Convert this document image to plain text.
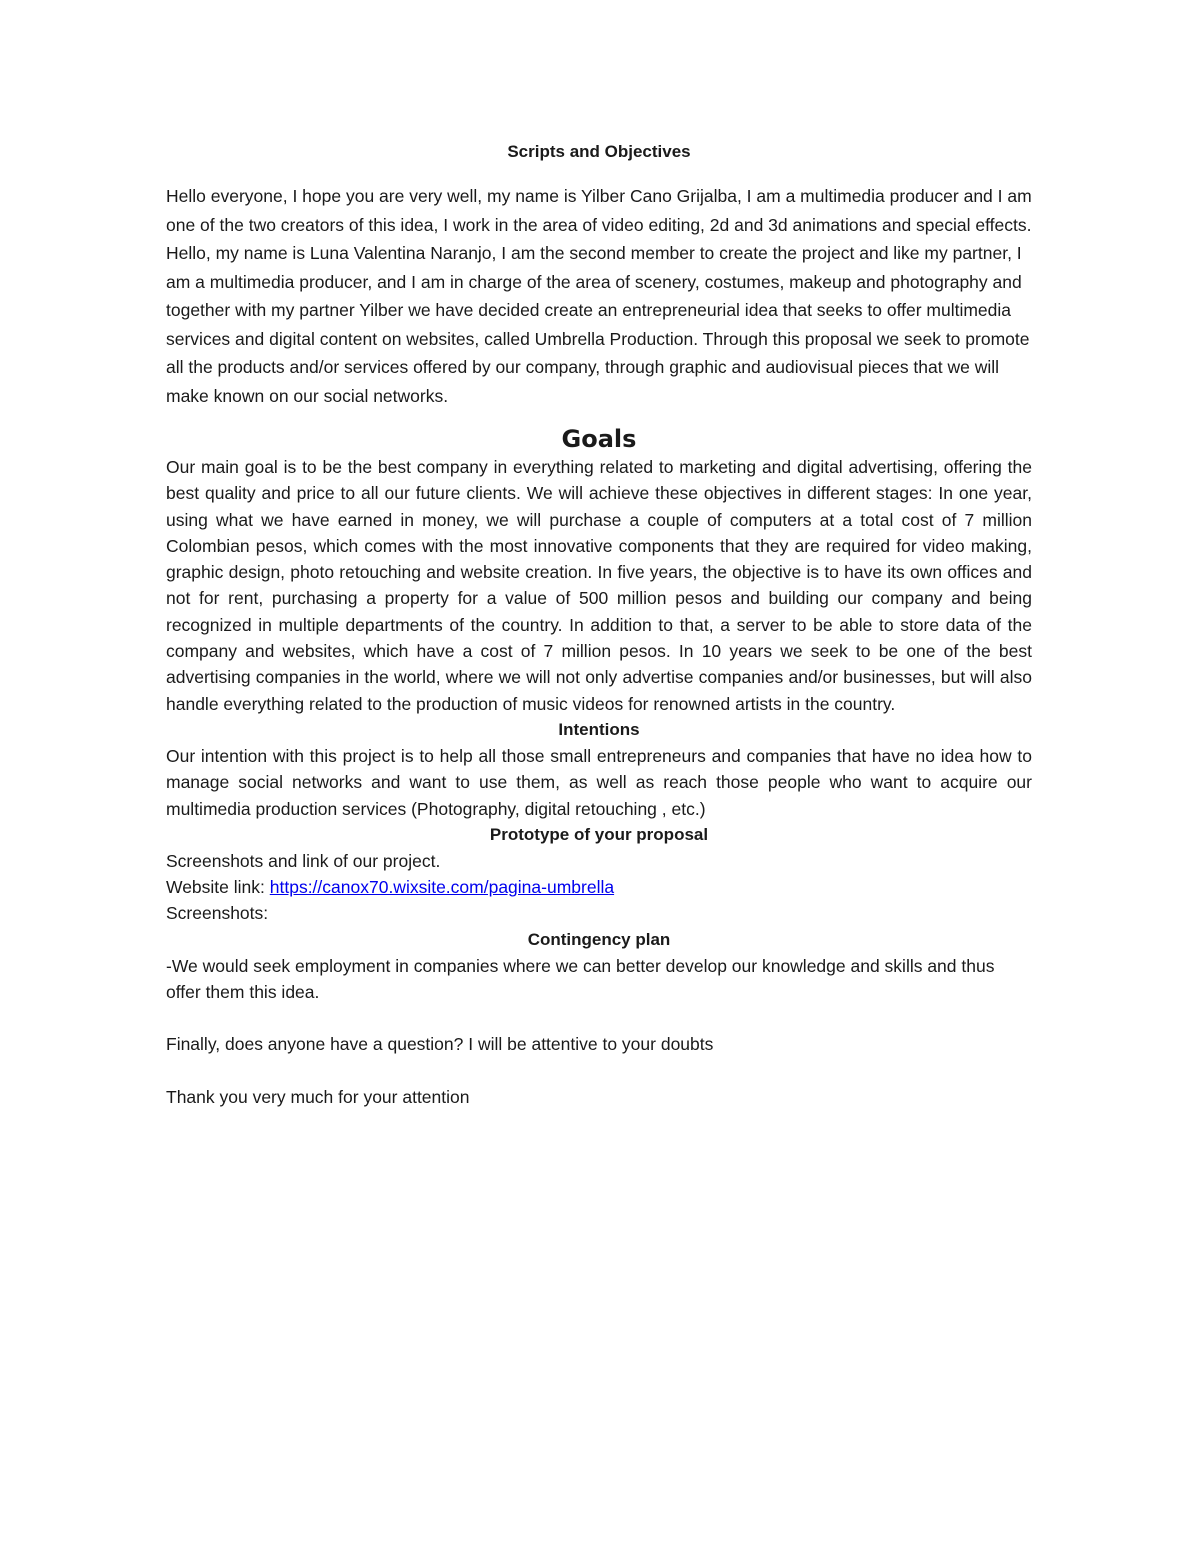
Scripts and Objectives

Hello everyone, I hope you are very well, my name is Yilber Cano Grijalba, I am a multimedia producer and I am one of the two creators of this idea, I work in the area of video editing, 2d and 3d animations and special effects. Hello, my name is Luna Valentina Naranjo, I am the second member to create the project and like my partner, I am a multimedia producer, and I am in charge of the area of scenery, costumes, makeup and photography and together with my partner Yilber we have decided create an entrepreneurial idea that seeks to offer multimedia services and digital content on websites, called Umbrella Production. Through this proposal we seek to promote all the products and/or services offered by our company, through graphic and audiovisual pieces that we will make known on our social networks.

Goals

Our main goal is to be the best company in everything related to marketing and digital advertising, offering the best quality and price to all our future clients. We will achieve these objectives in different stages: In one year, using what we have earned in money, we will purchase a couple of computers at a total cost of 7 million Colombian pesos, which comes with the most innovative components that they are required for video making, graphic design, photo retouching and website creation. In five years, the objective is to have its own offices and not for rent, purchasing a property for a value of 500 million pesos and building our company and being recognized in multiple departments of the country. In addition to that, a server to be able to store data of the company and websites, which have a cost of 7 million pesos. In 10 years we seek to be one of the best advertising companies in the world, where we will not only advertise companies and/or businesses, but will also handle everything related to the production of music videos for renowned artists in the country.

Intentions

Our intention with this project is to help all those small entrepreneurs and companies that have no idea how to manage social networks and want to use them, as well as reach those people who want to acquire our multimedia production services (Photography, digital retouching , etc.)

Prototype of your proposal

Screenshots and link of our project.

Website link: https://canox70.wixsite.com/pagina-umbrella

Screenshots:

Contingency plan

-We would seek employment in companies where we can better develop our knowledge and skills and thus offer them this idea.

Finally, does anyone have a question? I will be attentive to your doubts

Thank you very much for your attention
